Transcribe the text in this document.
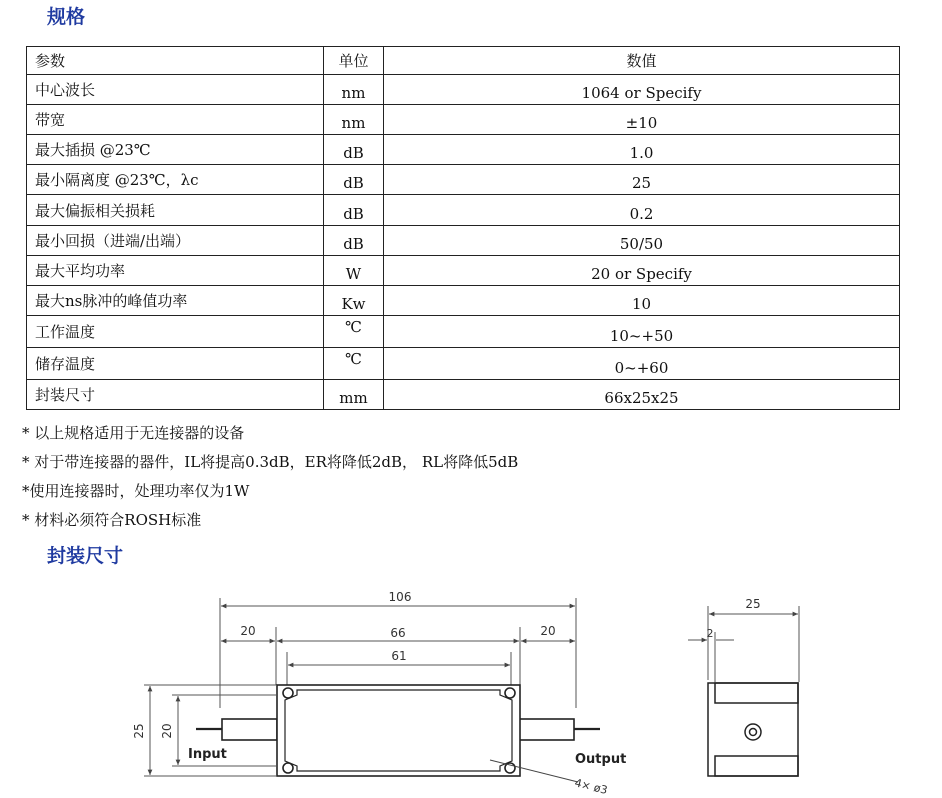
规格
参数	单位	数值
中心波长	nm	1064 or Specify
带宽	nm	±10
最大插损 @23℃	dB	1.0
最小隔离度 @23℃，λc	dB	25
最大偏振相关损耗	dB	0.2
最小回损（进端/出端）	dB	50/50
最大平均功率	W	20 or Specify
最大ns脉冲的峰值功率	Kw	10
工作温度	℃	10~+50
储存温度	℃	0~+60
封装尺寸	mm	66x25x25
* 以上规格适用于无连接器的设备
* 对于带连接器的器件，IL将提高0.3dB，ER将降低2dB， RL将降低5dB
*使用连接器时，处理功率仅为1W
* 材料必须符合ROSH标准
封装尺寸
106
20	20
66
61
25 20
Input	Output
4× ø3
25
2
